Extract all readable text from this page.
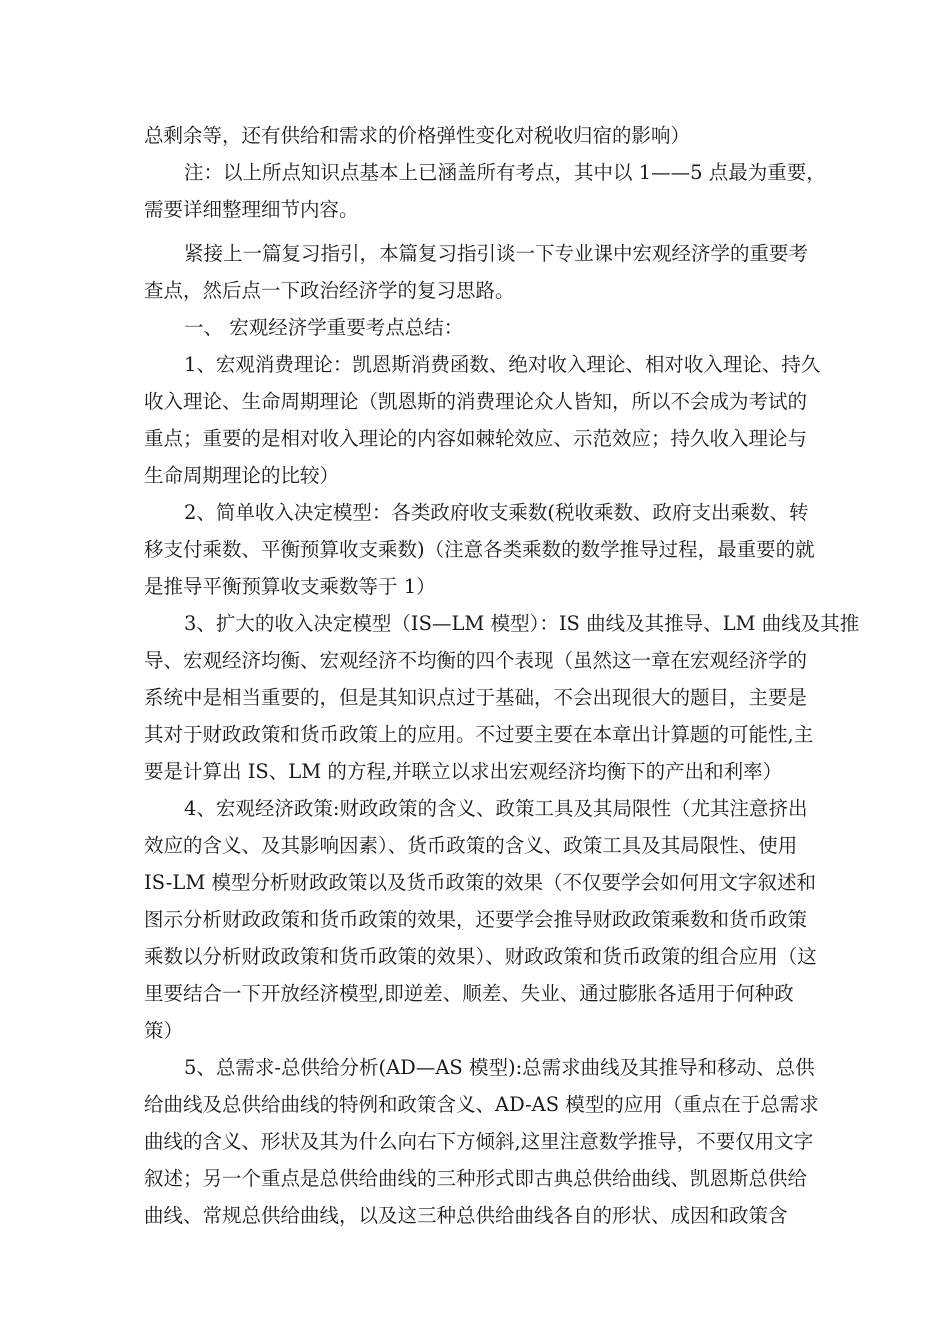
总剩余等，还有供给和需求的价格弹性变化对税收归宿的影响）
注：以上所点知识点基本上已涵盖所有考点，其中以 1——5 点最为重要，
需要详细整理细节内容。
紧接上一篇复习指引，本篇复习指引谈一下专业课中宏观经济学的重要考
查点，然后点一下政治经济学的复习思路。
一、 宏观经济学重要考点总结：
1、宏观消费理论：凯恩斯消费函数、绝对收入理论、相对收入理论、持久
收入理论、生命周期理论（凯恩斯的消费理论众人皆知，所以不会成为考试的
重点；重要的是相对收入理论的内容如棘轮效应、示范效应；持久收入理论与
生命周期理论的比较）
2、简单收入决定模型：各类政府收支乘数(税收乘数、政府支出乘数、转
移支付乘数、平衡预算收支乘数)（注意各类乘数的数学推导过程，最重要的就
是推导平衡预算收支乘数等于 1）
3、扩大的收入决定模型（IS—LM 模型）：IS 曲线及其推导、LM 曲线及其推
导、宏观经济均衡、宏观经济不均衡的四个表现（虽然这一章在宏观经济学的
系统中是相当重要的，但是其知识点过于基础，不会出现很大的题目，主要是
其对于财政政策和货币政策上的应用。不过要主要在本章出计算题的可能性,主
要是计算出 IS、LM 的方程,并联立以求出宏观经济均衡下的产出和利率）
4、宏观经济政策:财政政策的含义、政策工具及其局限性（尤其注意挤出
效应的含义、及其影响因素）、货币政策的含义、政策工具及其局限性、使用
IS-LM 模型分析财政政策以及货币政策的效果（不仅要学会如何用文字叙述和
图示分析财政政策和货币政策的效果，还要学会推导财政政策乘数和货币政策
乘数以分析财政政策和货币政策的效果）、财政政策和货币政策的组合应用（这
里要结合一下开放经济模型,即逆差、顺差、失业、通过膨胀各适用于何种政
策）
5、总需求-总供给分析(AD—AS 模型):总需求曲线及其推导和移动、总供
给曲线及总供给曲线的特例和政策含义、AD-AS 模型的应用（重点在于总需求
曲线的含义、形状及其为什么向右下方倾斜,这里注意数学推导，不要仅用文字
叙述；另一个重点是总供给曲线的三种形式即古典总供给曲线、凯恩斯总供给
曲线、常规总供给曲线，以及这三种总供给曲线各自的形状、成因和政策含
